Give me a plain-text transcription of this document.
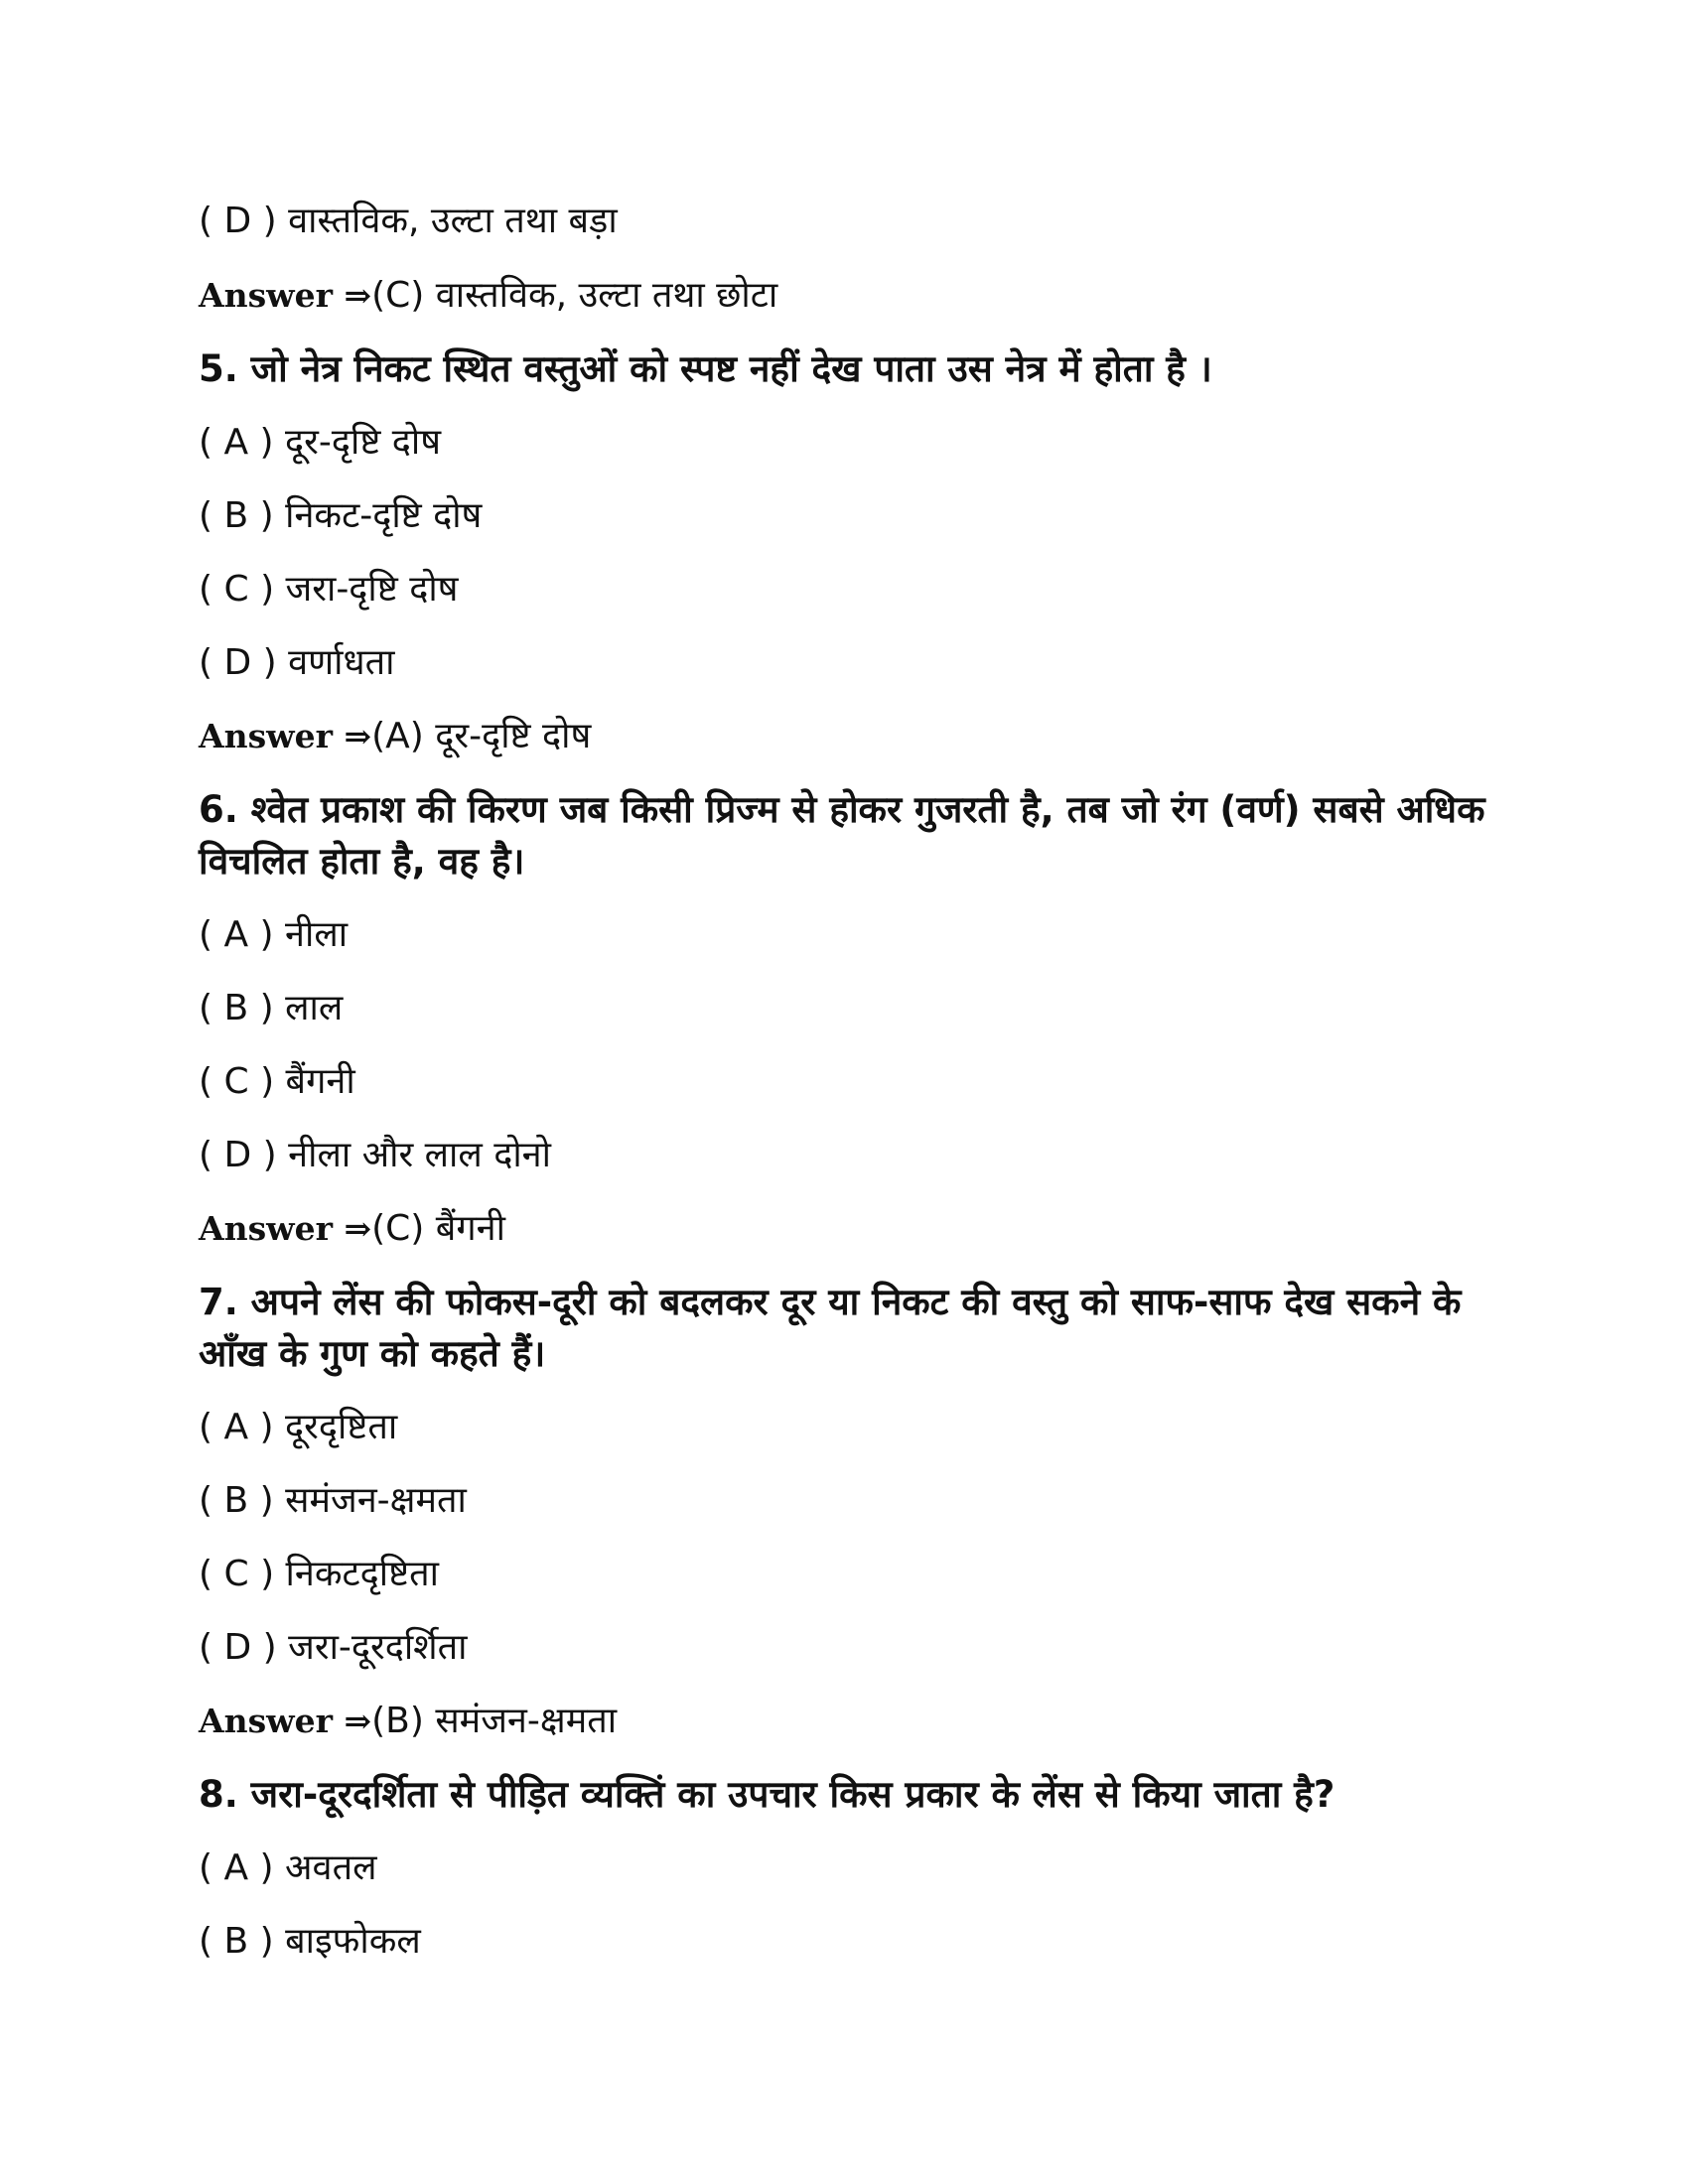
( D ) वास्तविक, उल्टा तथा बड़ा
Answer ⇒(C) वास्तविक, उल्टा तथा छोटा
5. जो नेत्र निकट स्थित वस्तुओं को स्पष्ट नहीं देख पाता उस नेत्र में होता है ।
( A ) दूर-दृष्टि दोष
( B ) निकट-दृष्टि दोष
( C ) जरा-दृष्टि दोष
( D ) वर्णाधता
Answer ⇒(A) दूर-दृष्टि दोष
6. श्वेत प्रकाश की किरण जब किसी प्रिज्म से होकर गुजरती है, तब जो रंग (वर्ण) सबसे अधिक विचलित होता है, वह है।
( A ) नीला
( B ) लाल
( C ) बैंगनी
( D ) नीला और लाल दोनो
Answer ⇒(C) बैंगनी
7. अपने लेंस की फोकस-दूरी को बदलकर दूर या निकट की वस्तु को साफ-साफ देख सकने के आँख के गुण को कहते हैं।
( A ) दूरदृष्टिता
( B ) समंजन-क्षमता
( C ) निकटदृष्टिता
( D ) जरा-दूरदर्शिता
Answer ⇒(B) समंजन-क्षमता
8. जरा-दूरदर्शिता से पीड़ित व्यक्तिं का उपचार किस प्रकार के लेंस से किया जाता है?
( A ) अवतल
( B ) बाइफोकल
